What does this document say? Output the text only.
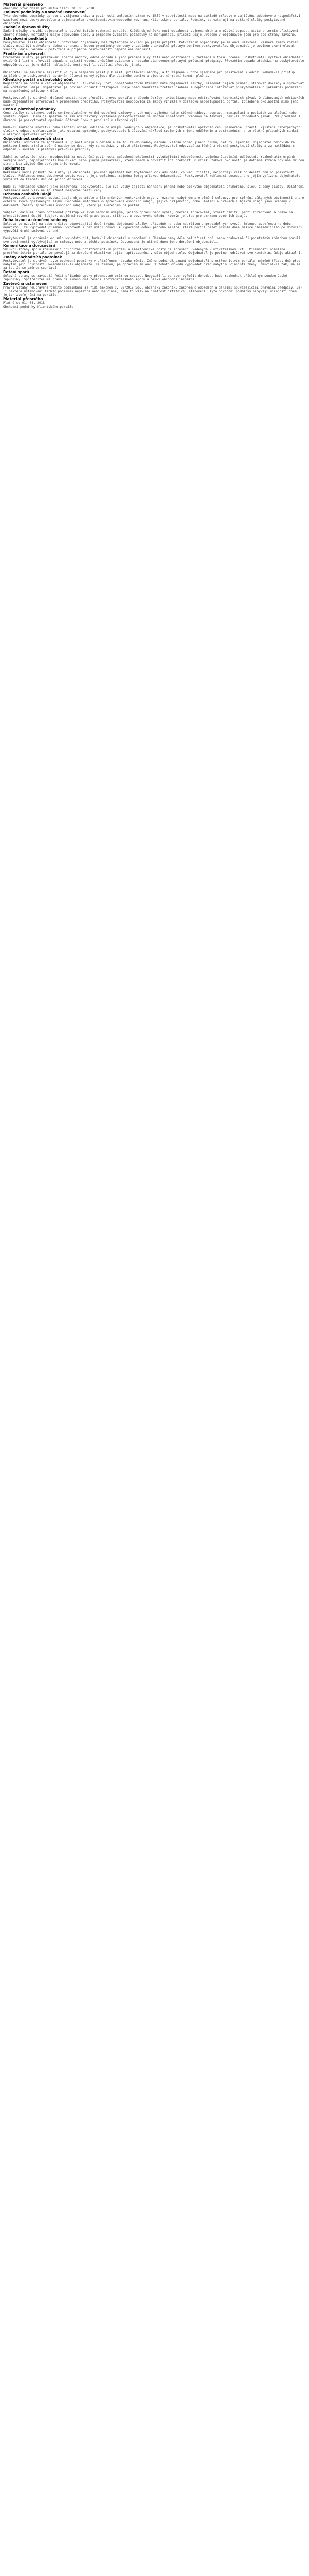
Materiál přesného
obecného vzor obsah pro aktualizaci 30. 03. 2018
Zmluvní podmínky a Konečné ustanovení
Tyto obchodní podmínky upravují vzájemná práva a povinnosti smluvních stran vzniklé v souvislosti nebo na základě smlouvy o zajištění odpadového hospodářství uzavřené mezi poskytovatelem a objednatelem prostřednictvím webového rozhraní klientského portálu. Podmínky se vztahují na veškeré služby poskytované objednateli.
Zadání a úprava služby
Zadání služby provádí objednatel prostřednictvím rozhraní portálu. Každá objednávka musí obsahovat zejména druh a množství odpadu, místo a termín přistavení sběrné nádoby, kontaktní údaje odpovědné osoby a případné zvláštní požadavky na manipulaci, přičemž údaje uvedené v objednávce jsou pro obě strany závazné.
Schvalování podkladů
Poskytovatel zašle objednateli potvrzení objednávky bez zbytečného odkladu po jejím přijetí. Potvrzením objednávky je smlouva uzavřena. Veškeré změny rozsahu služby musí být schváleny oběma stranami a budou promítnuty do ceny v souladu s aktuálně platným ceníkem poskytovatele. Objednatel je povinen zkontrolovat všechny údaje uvedené v potvrzení a případné nesrovnalosti neprodleně nahlásit.
Předávání a převzetí
Předmětem služby je přistavení sběrné nádoby, odvoz odpadu a jeho předání k využití nebo odstranění v zařízení k tomu určeném. Poskytovatel vystaví objednateli evidenční list o převzetí odpadu a zajistí vedení průběžné evidence v rozsahu stanoveném platnými právními předpisy. Převzetím odpadu přechází na poskytovatele odpovědnost za jeho další nakládání, nestanoví-li zvláštní předpis jinak.
Objednatel se zavazuje zajistit volný a bezpečný přístup k místu přistavení nádoby, a to zejména v době sjednané pro přistavení i odvoz. Nebude-li přístup zajištěn, je poskytovatel oprávněn účtovat marný výjezd dle platného ceníku a sjednat náhradní termín plnění.
Klientský portál a uživatelský účet
Registrací na portálu vzniká objednateli uživatelský účet, prostřednictvím kterého může objednávat služby, sledovat jejich průběh, stahovat doklady a spravovat své kontaktní údaje. Objednatel je povinen chránit přístupové údaje před zneužitím třetími osobami a neprodleně informovat poskytovatele o jakémkoli podezření na neoprávněný přístup k účtu.
Poskytovatel je oprávněn dočasně omezit nebo přerušit provoz portálu z důvodu údržby, aktualizace nebo odstraňování technických závad. O plánovaných odstávkách bude objednatele informovat v přiměřeném předstihu. Poskytovatel neodpovídá za škody vzniklé v důsledku nedostupnosti portálu způsobené okolnostmi mimo jeho kontrolu.
Cena a platební podmínky
Cena služby se stanoví podle ceníku platného ke dni uzavření smlouvy a zahrnuje zejména nájem sběrné nádoby, dopravu, manipulaci a poplatek za uložení nebo využití odpadu. Cena je splatná na základě faktury vystavené poskytovatelem se lhůtou splatnosti uvedenou na faktuře, není-li dohodnuto jinak. Při prodlení s úhradou je poskytovatel oprávněn účtovat úrok z prodlení v zákonné výši.
Bude-li skutečné množství nebo složení odpadu odlišné od údajů uvedených v objednávce, je poskytovatel oprávněn cenu přiměřeně upravit. Zjištění nebezpečných složek v odpadu deklarovaném jako ostatní opravňuje poskytovatele k účtování nákladů spojených s jeho oddělením a odstraněním, a to včetně případných sankcí uložených správními orgány.
Odpovědnost smluvních stran
Objednatel odpovídá za správnost a úplnost údajů o odpadu a za to, že do nádoby nebude ukládán odpad jiného druhu, než byl sjednán. Objednatel odpovídá za poškození nebo ztrátu sběrné nádoby po dobu, kdy se nachází v místě přistavení. Poskytovatel odpovídá za řádné a včasné poskytnutí služby a za nakládání s odpadem v souladu s platnými právními předpisy.
Žádná ze smluvních stran neodpovídá za nesplnění povinností způsobené okolnostmi vylučujícími odpovědnost, zejména živelními událostmi, rozhodnutím orgánů veřejné moci, neprůjezdností komunikací nebo jinými překážkami, které nemohla odvrátit ani překonat. O vzniku takové okolnosti je dotčená strana povinna druhou stranu bez zbytečného odkladu informovat.
Reklamace
Reklamaci vadně poskytnuté služby je objednatel povinen uplatnit bez zbytečného odkladu poté, co vadu zjistil, nejpozději však do deseti dnů od poskytnutí služby. Reklamace musí obsahovat popis vady a její doložení, zejména fotografickou dokumentací. Poskytovatel reklamaci posoudí a o jejím vyřízení objednatele vyrozumí do třiceti dnů od jejího doručení.
Bude-li reklamace uznána jako oprávněná, poskytovatel dle své volby zajistí náhradní plnění nebo poskytne objednateli přiměřenou slevu z ceny služby. Uplatnění reklamace nemá vliv na splatnost nesporné části ceny.
Ochrana osobních údajů
Poskytovatel zpracovává osobní údaje objednatele a jím určených kontaktních osob v rozsahu nezbytném pro plnění smlouvy, pro splnění zákonných povinností a pro ochranu svých oprávněných zájmů. Podrobné informace o zpracování osobních údajů, jejich příjemcích, době uložení a právech subjektů údajů jsou uvedeny v dokumentu Zásady zpracování osobních údajů, který je zveřejněn na portálu.
Subjekt údajů má právo požadovat přístup ke svým osobním údajům, jejich opravu nebo výmaz, omezení zpracování, vznést námitku proti zpracování a právo na přenositelnost údajů. Subjekt údajů má rovněž právo podat stížnost u dozorového úřadu, kterým je Úřad pro ochranu osobních údajů.
Doba trvání a ukončení smlouvy
Smlouva se uzavírá na dobu určitou odpovídající době trvání objednané služby, případně na dobu neurčitou u pravidelných svozů. Smlouvu uzavřenou na dobu neurčitou lze vypovědět písemnou výpovědí i bez udání důvodu s výpovědní dobou jednoho měsíce, která počíná běžet prvním dnem měsíce následujícího po doručení výpovědi druhé smluvní straně.
Poskytovatel je oprávněn od smlouvy odstoupit, bude-li objednatel v prodlení s úhradou ceny déle než třicet dnů, nebo opakovaně či podstatným způsobem poruší své povinnosti vyplývající ze smlouvy nebo z těchto podmínek. Odstoupení je účinné dnem jeho doručení objednateli.
Komunikace a doručování
Smluvní strany spolu komunikují prioritně prostřednictvím portálu a elektronické pošty na adresách uvedených v uživatelském účtu. Písemnosti odeslané prostřednictvím portálu se považují za doručené okamžikem jejich zpřístupnění v účtu objednatele. Objednatel je povinen udržovat své kontaktní údaje aktuální.
Změny obchodních podmínek
Poskytovatel je oprávněn tyto obchodní podmínky v přiměřeném rozsahu měnit. Změnu podmínek oznámí objednateli prostřednictvím portálu nejméně třicet dnů před nabytím její účinnosti. Nesouhlasí-li objednatel se změnou, je oprávněn smlouvu z tohoto důvodu vypovědět před nabytím účinnosti změny. Neučiní-li tak, má se za to, že se změnou souhlasí.
Řešení sporů
Smluvní strany se zavazují řešit případné spory přednostně smírnou cestou. Nepodaří-li se spor vyřešit dohodou, bude rozhodnut příslušným soudem České republiky. Spotřebitel má právo na mimosoudní řešení spotřebitelského sporu u České obchodní inspekce.
Závěrečná ustanovení
Právní vztahy neupravené těmito podmínkami se řídí zákonem č. 89/2012 Sb., občanský zákoník, zákonem o odpadech a dalšími souvisejícími právními předpisy. Je-li některé ustanovení těchto podmínek neplatné nebo neúčinné, nemá to vliv na platnost ostatních ustanovení. Tyto obchodní podmínky nabývají účinnosti dnem jejich zveřejnění na portálu.
Materiál přesného
Platné od 01. 04. 2018
Obchodní podmínky Klientského portálu
